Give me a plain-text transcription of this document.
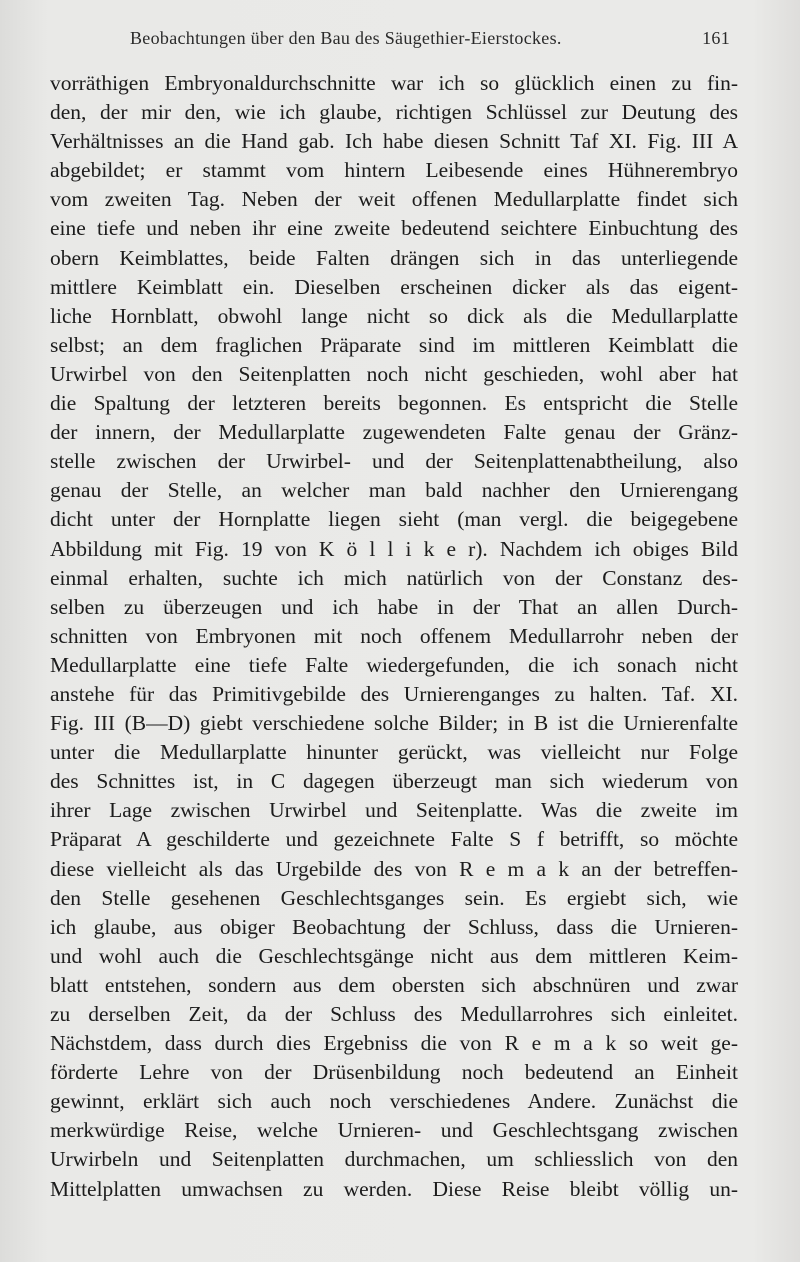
Beobachtungen über den Bau des Säugethier-Eierstockes.	161
vorräthigen Embryonaldurchschnitte war ich so glücklich einen zu fin-
den, der mir den, wie ich glaube, richtigen Schlüssel zur Deutung des
Verhältnisses an die Hand gab. Ich habe diesen Schnitt Taf XI. Fig. III A
abgebildet; er stammt vom hintern Leibesende eines Hühnerembryo
vom zweiten Tag. Neben der weit offenen Medullarplatte findet sich
eine tiefe und neben ihr eine zweite bedeutend seichtere Einbuchtung des
obern Keimblattes, beide Falten drängen sich in das unterliegende
mittlere Keimblatt ein. Dieselben erscheinen dicker als das eigent-
liche Hornblatt, obwohl lange nicht so dick als die Medullarplatte
selbst; an dem fraglichen Präparate sind im mittleren Keimblatt die
Urwirbel von den Seitenplatten noch nicht geschieden, wohl aber hat
die Spaltung der letzteren bereits begonnen. Es entspricht die Stelle
der innern, der Medullarplatte zugewendeten Falte genau der Gränz-
stelle zwischen der Urwirbel- und der Seitenplattenabtheilung, also
genau der Stelle, an welcher man bald nachher den Urnierengang
dicht unter der Hornplatte liegen sieht (man vergl. die beigegebene
Abbildung mit Fig. 19 von K ö l l i k e r). Nachdem ich obiges Bild
einmal erhalten, suchte ich mich natürlich von der Constanz des-
selben zu überzeugen und ich habe in der That an allen Durch-
schnitten von Embryonen mit noch offenem Medullarrohr neben der
Medullarplatte eine tiefe Falte wiedergefunden, die ich sonach nicht
anstehe für das Primitivgebilde des Urnierenganges zu halten. Taf. XI.
Fig. III (B—D) giebt verschiedene solche Bilder; in B ist die Urnierenfalte
unter die Medullarplatte hinunter gerückt, was vielleicht nur Folge
des Schnittes ist, in C dagegen überzeugt man sich wiederum von
ihrer Lage zwischen Urwirbel und Seitenplatte. Was die zweite im
Präparat A geschilderte und gezeichnete Falte S f betrifft, so möchte
diese vielleicht als das Urgebilde des von R e m a k an der betreffen-
den Stelle gesehenen Geschlechtsganges sein. Es ergiebt sich, wie
ich glaube, aus obiger Beobachtung der Schluss, dass die Urnieren-
und wohl auch die Geschlechtsgänge nicht aus dem mittleren Keim-
blatt entstehen, sondern aus dem obersten sich abschnüren und zwar
zu derselben Zeit, da der Schluss des Medullarrohres sich einleitet.
Nächstdem, dass durch dies Ergebniss die von R e m a k so weit ge-
förderte Lehre von der Drüsenbildung noch bedeutend an Einheit
gewinnt, erklärt sich auch noch verschiedenes Andere. Zunächst die
merkwürdige Reise, welche Urnieren- und Geschlechtsgang zwischen
Urwirbeln und Seitenplatten durchmachen, um schliesslich von den
Mittelplatten umwachsen zu werden. Diese Reise bleibt völlig un-
